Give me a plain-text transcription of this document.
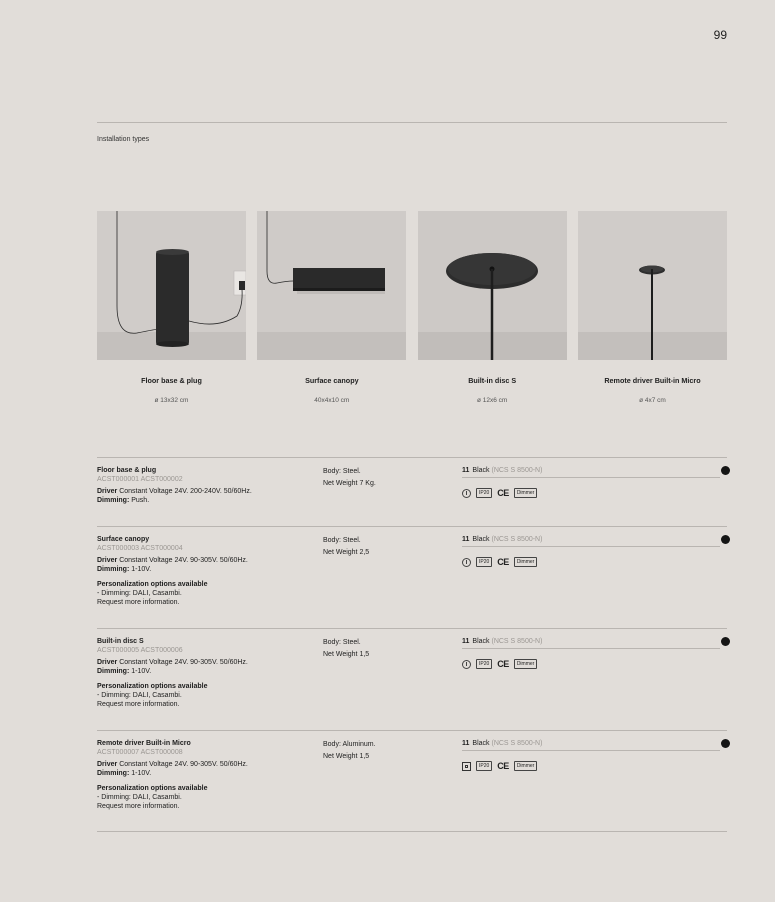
99
Installation types
Floor base & plug
ø 13x32 cm
Surface canopy
40x4x10 cm
Built-in disc S
ø 12x6 cm
Remote driver Built-in Micro
ø 4x7 cm
Floor base & plug
ACST000001 ACST000002
Driver Constant Voltage 24V. 200-240V. 50/60Hz.
Dimming: Push.
Body: Steel.
Net Weight 7 Kg.
11 Black (NCS S 8500-N)
IP20 CE	Dimmer
Surface canopy
ACST000003 ACST000004
Driver Constant Voltage 24V. 90-305V. 50/60Hz.
Dimming: 1-10V.
Personalization options available
- Dimming: DALI, Casambi.
Request more information.
Body: Steel.
Net Weight 2,5
11 Black (NCS S 8500-N)
IP20 CE	Dimmer
Built-in disc S
ACST000005 ACST000006
Driver Constant Voltage 24V. 90-305V. 50/60Hz.
Dimming: 1-10V.
Personalization options available
- Dimming: DALI, Casambi.
Request more information.
Body: Steel.
Net Weight 1,5
11 Black (NCS S 8500-N)
IP20 CE	Dimmer
Remote driver Built-in Micro
ACST000007 ACST000008
Driver Constant Voltage 24V. 90-305V. 50/60Hz.
Dimming: 1-10V.
Personalization options available
- Dimming: DALI, Casambi.
Request more information.
Body: Aluminum.
Net Weight 1,5
11 Black (NCS S 8500-N)
IP20 CE	Dimmer
